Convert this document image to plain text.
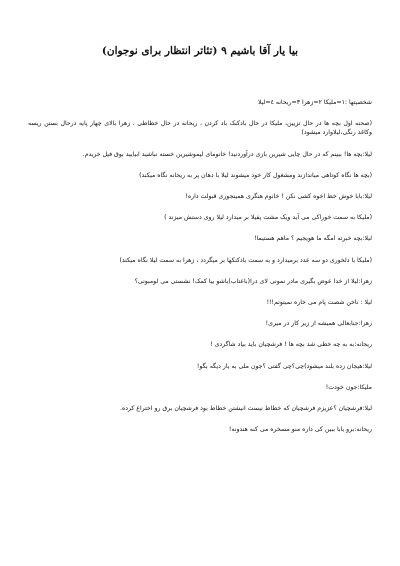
بیا یار آقا باشیم ۹ (تئاتر انتظار برای نوجوان)
شخصیتها :۱=ملیکا ۲=زهرا ۳=ریحانه ٤=لیلا
(صحنه اول بچه ها در حال تزیین، ملیکا در حال بادکنک باد کردن ، ریحانه در حال خطاطی ، زهرا بالای چهار پایه درحال بستن ریسه وکاغذ رنگی،لیلاوارد میشود)
لیلا:بچه ها! ببینم که در حال چایی شیرین بازی درآوردنید! خانومای لیموشیرین خسته نباشید ابیایید بوق فیل خریدم.
(بچه ها نگاه کوتاهی میاندازند ومشغول کار خود میشوند لیلا با دهان پر به ریحانه نگاه میکند)
لیلا:بابا خوش خط اخوه کشی نکن ! خانوم هنگری همینجوری قبولت داره!
(ملیکا به سمت خوراکی می آید ویک مشت پفیلا بر میدارد لیلا روی دستش میزند )
لیلا:بچه خبرته امگه ما هویجیم ؟ ماهم هستیما!
(ملیکا با دلخوری دو سه عدد برمیدارد و به سمت بادکنکها بر میگردد ، زهرا به سمت لیلا نگاه میکند)
زهرا:لیلا از خدا عوض بگیری مادر نمونی لای درا(باعتاب)باشو بیا کمک! نشستی می لومبونی؟
لیلا : ناخن شصت پام می خاره نمیتونم!!!
زهرا:جنابعالی همیشه از زیر کار در میری!
ریحانه:به به چه خطی شد بچه ها ! فرشچیان باید بیاد شاگردی !
لیلا:هیجان زده بلند میشود)چی؟چی گفتی ؟جون ملی به یار دیگه بگو!
ملیکا:جون خودت!
لیلا:فرشچیان ؟عزیزم فرشچیان که خطاط نیست انیشتن خطاط بود فرشچیان برق رو اختراع کرده.
ریحانه:برو بابا ببین کی داره منو مسخره می کنه هندونه!
